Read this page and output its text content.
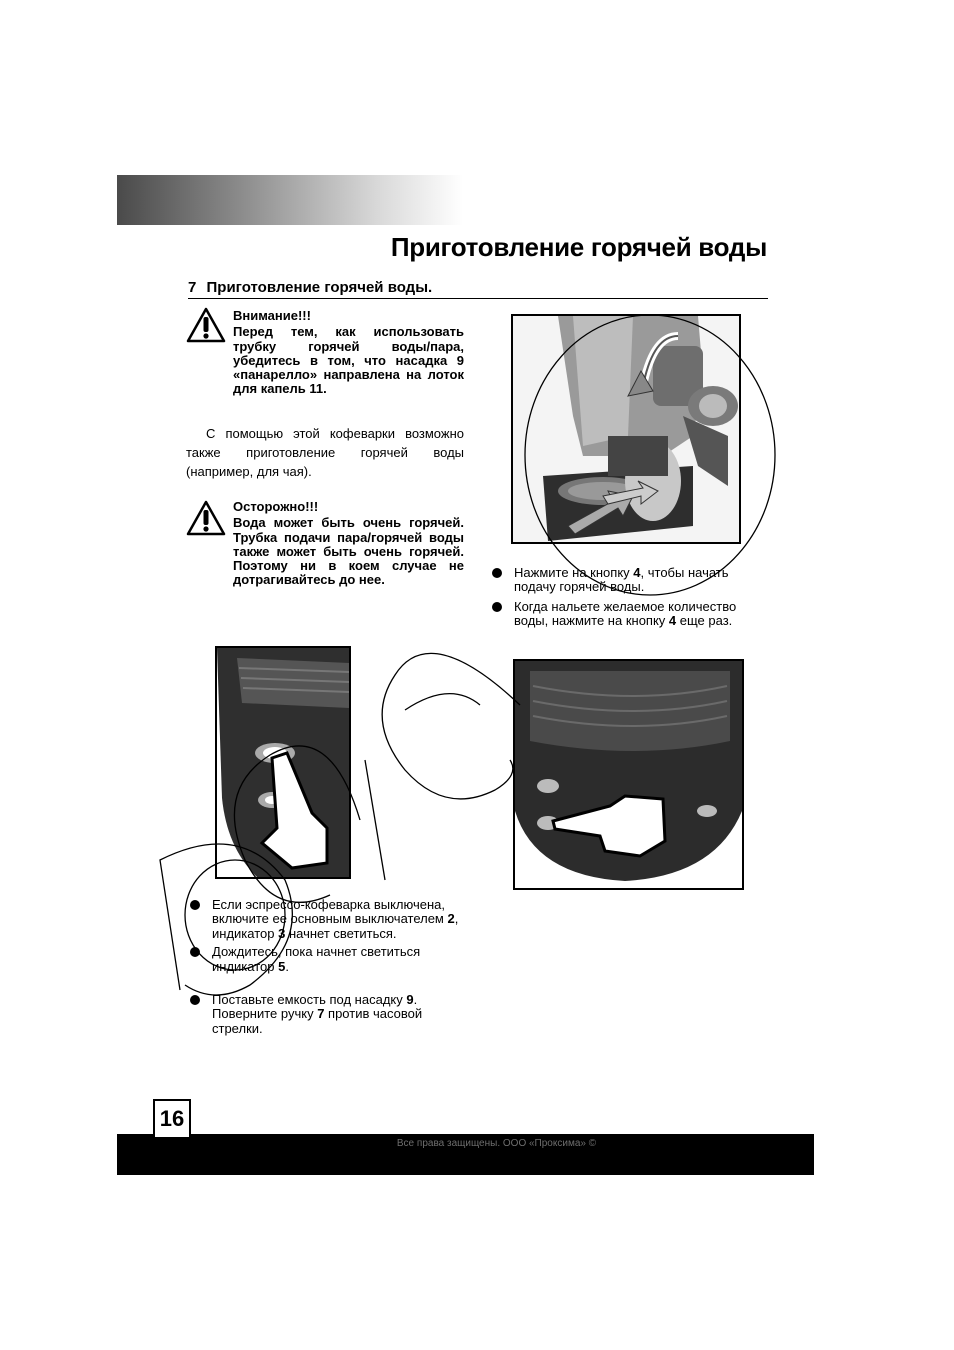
Приготовление горячей воды
7 Приготовление горячей воды.
Внимание!!!
Перед тем, как использовать трубку горячей воды/пара, убедитесь в том, что насадка 9 «панарелло» направлена на лоток для капель 11.
С помощью этой кофеварки возможно также приготовление горячей воды (например, для чая).
Осторожно!!!
Вода может быть очень горячей. Трубка подачи пара/горячей воды также может быть очень горячей. Поэтому ни в коем случае не дотрагивайтесь до нее.	Нажмите на кнопку 4, чтобы начать подачу горячей воды.
Когда нальете желаемое количество воды, нажмите на кнопку 4 еще раз.
Если эспрессо-кофеварка выключена, включите ее основным выключателем 2, индикатор 3 начнет светиться.
Дождитесь, пока начнет светиться индикатор 5.
Поставьте емкость под насадку 9. Поверните ручку 7 против часовой стрелки.
16
Все права защищены. ООО «Проксима» ©
